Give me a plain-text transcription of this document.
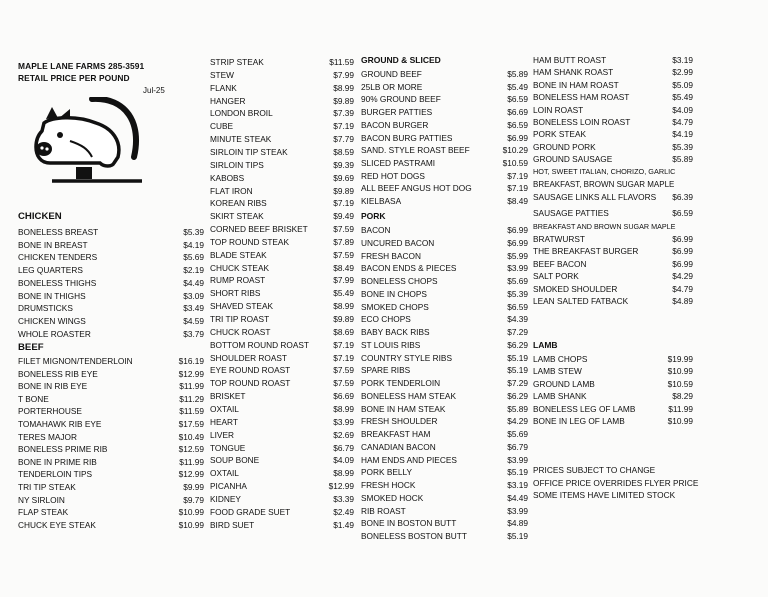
MAPLE LANE FARMS 285-3591
RETAIL PRICE PER POUND
Jul-25
CHICKEN
BONELESS BREAST	$5.39
BONE IN BREAST	$4.19
CHICKEN TENDERS	$5.69
LEG QUARTERS	$2.19
BONELESS THIGHS	$4.49
BONE IN THIGHS	$3.09
DRUMSTICKS	$3.49
CHICKEN WINGS	$4.59
WHOLE ROASTER	$3.79
BEEF
FILET MIGNON/TENDERLOIN	$16.19
BONELESS RIB EYE	$12.99
BONE IN RIB EYE	$11.99
T BONE	$11.29
PORTERHOUSE	$11.59
TOMAHAWK RIB EYE	$17.59
TERES MAJOR	$10.49
BONELESS PRIME RIB	$12.59
BONE IN PRIME RIB	$11.99
TENDERLOIN TIPS	$12.99
TRI TIP STEAK	$9.99
NY SIRLOIN	$9.79
FLAP STEAK	$10.99
CHUCK EYE STEAK	$10.99
STRIP STEAK	$11.59
STEW	$7.99
FLANK	$8.99
HANGER	$9.89
LONDON BROIL	$7.39
CUBE	$7.19
MINUTE STEAK	$7.79
SIRLOIN TIP STEAK	$8.59
SIRLOIN TIPS	$9.39
KABOBS	$9.69
FLAT IRON	$9.89
KOREAN RIBS	$7.19
SKIRT STEAK	$9.49
CORNED BEEF BRISKET	$7.59
TOP ROUND STEAK	$7.89
BLADE STEAK	$7.59
CHUCK STEAK	$8.49
RUMP ROAST	$7.99
SHORT RIBS	$5.49
SHAVED STEAK	$8.99
TRI TIP ROAST	$9.89
CHUCK ROAST	$8.69
BOTTOM ROUND ROAST	$7.19
SHOULDER ROAST	$7.19
EYE ROUND ROAST	$7.59
TOP ROUND ROAST	$7.59
BRISKET	$6.69
OXTAIL	$8.99
HEART	$3.99
LIVER	$2.69
TONGUE	$6.79
SOUP BONE	$4.09
OXTAIL	$8.99
PICANHA	$12.99
KIDNEY	$3.39
FOOD GRADE SUET	$2.49
BIRD SUET	$1.49
GROUND & SLICED
GROUND BEEF	$5.89
25LB OR MORE	$5.49
90% GROUND BEEF	$6.59
BURGER PATTIES	$6.69
BACON BURGER	$6.59
BACON BURG PATTIES	$6.99
SAND. STYLE ROAST BEEF	$10.29
SLICED PASTRAMI	$10.59
RED HOT DOGS	$7.19
ALL BEEF ANGUS HOT DOG	$7.19
KIELBASA	$8.49
PORK
BACON	$6.99
UNCURED BACON	$6.99
FRESH BACON	$5.99
BACON ENDS & PIECES	$3.99
BONELESS CHOPS	$5.69
BONE IN CHOPS	$5.39
SMOKED CHOPS	$6.59
ECO CHOPS	$4.39
BABY BACK RIBS	$7.29
ST LOUIS RIBS	$6.29
COUNTRY STYLE RIBS	$5.19
SPARE RIBS	$5.19
PORK TENDERLOIN	$7.29
BONELESS HAM STEAK	$6.29
BONE IN HAM STEAK	$5.89
FRESH SHOULDER	$4.29
BREAKFAST HAM	$5.69
CANADIAN BACON	$6.79
HAM ENDS AND PIECES	$3.99
PORK BELLY	$5.19
FRESH HOCK	$3.19
SMOKED HOCK	$4.49
RIB ROAST	$3.99
BONE IN BOSTON BUTT	$4.89
BONELESS BOSTON BUTT	$5.19
HAM BUTT ROAST	$3.19
HAM SHANK ROAST	$2.99
BONE IN HAM ROAST	$5.09
BONELESS HAM ROAST	$5.49
LOIN ROAST	$4.09
BONELESS LOIN ROAST	$4.79
PORK STEAK	$4.19
GROUND PORK	$5.39
GROUND SAUSAGE	$5.89
HOT, SWEET ITALIAN, CHORIZO, GARLIC
BREAKFAST, BROWN SUGAR MAPLE
SAUSAGE LINKS ALL FLAVORS	$6.39
SAUSAGE PATTIES	$6.59
BREAKFAST AND BROWN SUGAR MAPLE
BRATWURST	$6.99
THE BREAKFAST BURGER	$6.99
BEEF BACON	$6.99
SALT PORK	$4.29
SMOKED SHOULDER	$4.79
LEAN SALTED FATBACK	$4.89
LAMB
LAMB CHOPS	$19.99
LAMB STEW	$10.99
GROUND LAMB	$10.59
LAMB SHANK	$8.29
BONELESS LEG OF LAMB	$11.99
BONE IN LEG OF LAMB	$10.99
PRICES SUBJECT TO CHANGE
OFFICE PRICE OVERRIDES FLYER PRICE
SOME ITEMS HAVE LIMITED STOCK
